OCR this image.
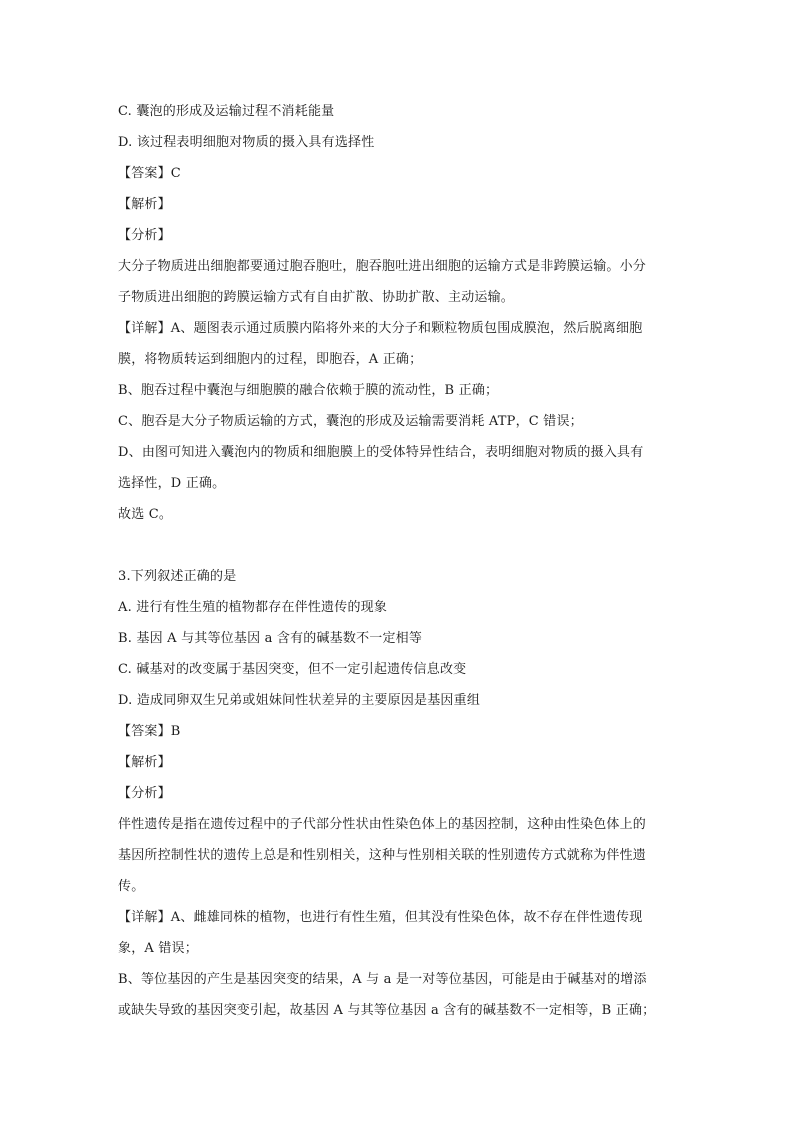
C. 囊泡的形成及运输过程不消耗能量
D. 该过程表明细胞对物质的摄入具有选择性
【答案】C
【解析】
【分析】
大分子物质进出细胞都要通过胞吞胞吐，胞吞胞吐进出细胞的运输方式是非跨膜运输。小分
子物质进出细胞的跨膜运输方式有自由扩散、协助扩散、主动运输。
【详解】A、题图表示通过质膜内陷将外来的大分子和颗粒物质包围成膜泡，然后脱离细胞
膜，将物质转运到细胞内的过程，即胞吞，A 正确；
B、胞吞过程中囊泡与细胞膜的融合依赖于膜的流动性，B 正确；
C、胞吞是大分子物质运输的方式，囊泡的形成及运输需要消耗 ATP，C 错误；
D、由图可知进入囊泡内的物质和细胞膜上的受体特异性结合，表明细胞对物质的摄入具有
选择性，D 正确。
故选 C。
3.下列叙述正确的是
A. 进行有性生殖的植物都存在伴性遗传的现象
B. 基因 A 与其等位基因 a 含有的碱基数不一定相等
C. 碱基对的改变属于基因突变，但不一定引起遗传信息改变
D. 造成同卵双生兄弟或姐妹间性状差异的主要原因是基因重组
【答案】B
【解析】
【分析】
伴性遗传是指在遗传过程中的子代部分性状由性染色体上的基因控制，这种由性染色体上的
基因所控制性状的遗传上总是和性别相关，这种与性别相关联的性别遗传方式就称为伴性遗
传。
【详解】A、雌雄同株的植物，也进行有性生殖，但其没有性染色体，故不存在伴性遗传现
象，A 错误；
B、等位基因的产生是基因突变的结果，A 与 a 是一对等位基因，可能是由于碱基对的增添
或缺失导致的基因突变引起，故基因 A 与其等位基因 a 含有的碱基数不一定相等，B 正确；
